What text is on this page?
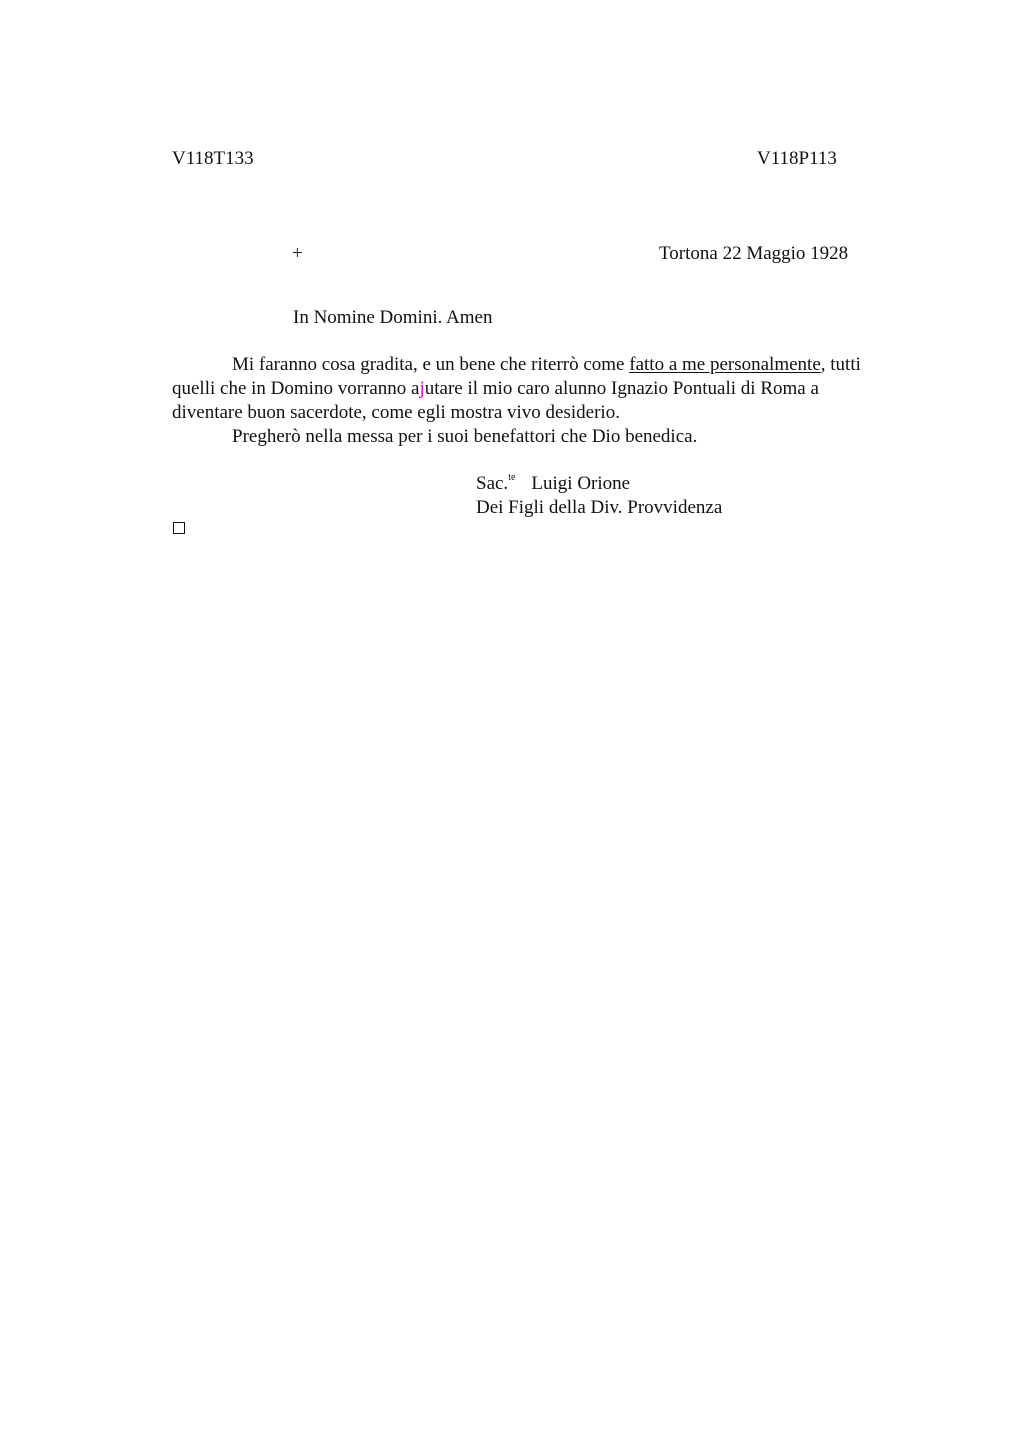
V118T133	V118P113
+	Tortona 22 Maggio 1928
In Nomine Domini. Amen

Mi faranno cosa gradita, e un bene che riterrò come fatto a me personalmente, tutti
quelli che in Domino vorranno ajutare il mio caro alunno Ignazio Pontuali di Roma a
diventare buon sacerdote, come egli mostra vivo desiderio.

Pregherò nella messa per i suoi benefattori che Dio benedica.

Sac.$^{te}$ Luigi Orione
Dei Figli della Div. Provvidenza
